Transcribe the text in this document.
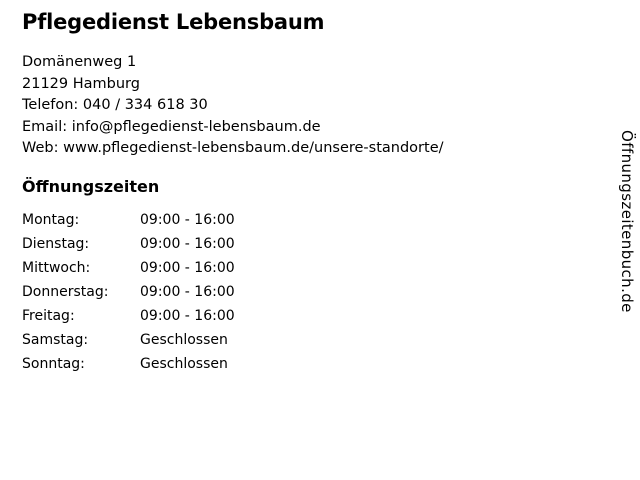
Pflegedienst Lebensbaum
Domänenweg 1
21129 Hamburg
Telefon: 040 / 334 618 30
Email: info@pflegedienst-lebensbaum.de
Web: www.pflegedienst-lebensbaum.de/unsere-standorte/
Öffnungszeiten
Montag:	09:00 - 16:00
Dienstag:	09:00 - 16:00
Mittwoch:	09:00 - 16:00
Donnerstag:	09:00 - 16:00
Freitag:	09:00 - 16:00
Samstag:	Geschlossen
Sonntag:	Geschlossen
Öffnungszeitenbuch.de
